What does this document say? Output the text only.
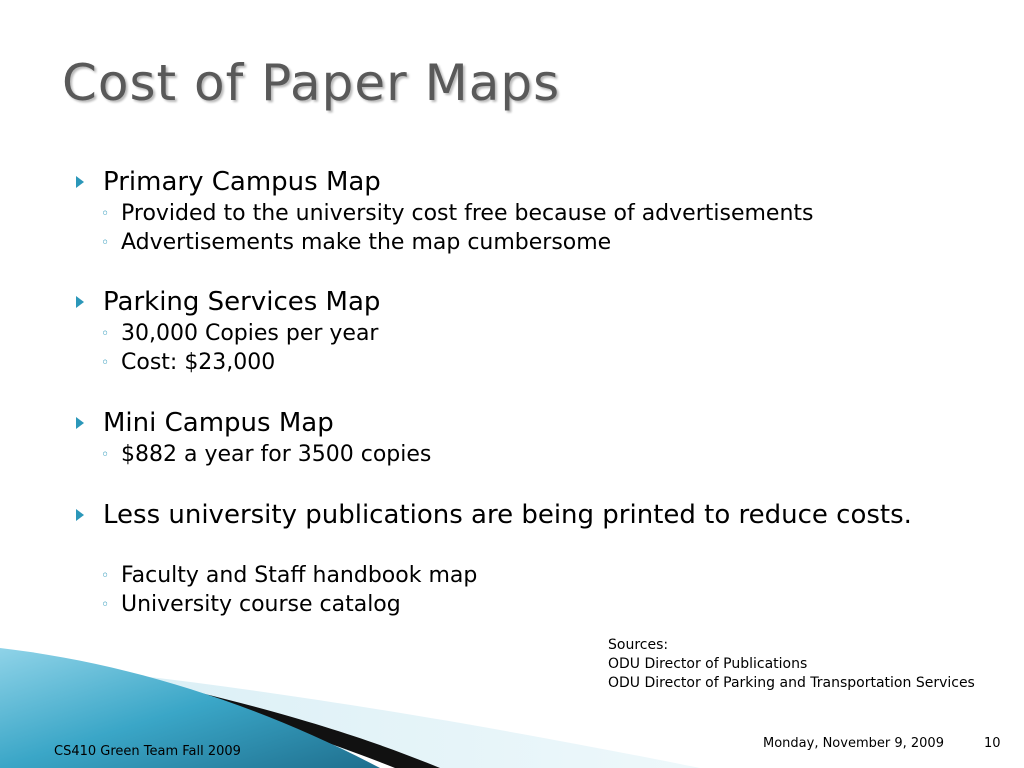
Cost of Paper Maps
Primary Campus Map
◦ Provided to the university cost free because of advertisements
◦ Advertisements make the map cumbersome
Parking Services Map
◦ 30,000 Copies per year
◦ Cost: $23,000
Mini Campus Map
◦ $882 a year for 3500 copies
Less university publications are being printed to reduce costs.
◦ Faculty and Staff handbook map
◦ University course catalog
Sources:
ODU Director of Publications
ODU Director of Parking and Transportation Services
CS410 Green Team Fall 2009
Monday, November 9, 2009	10
